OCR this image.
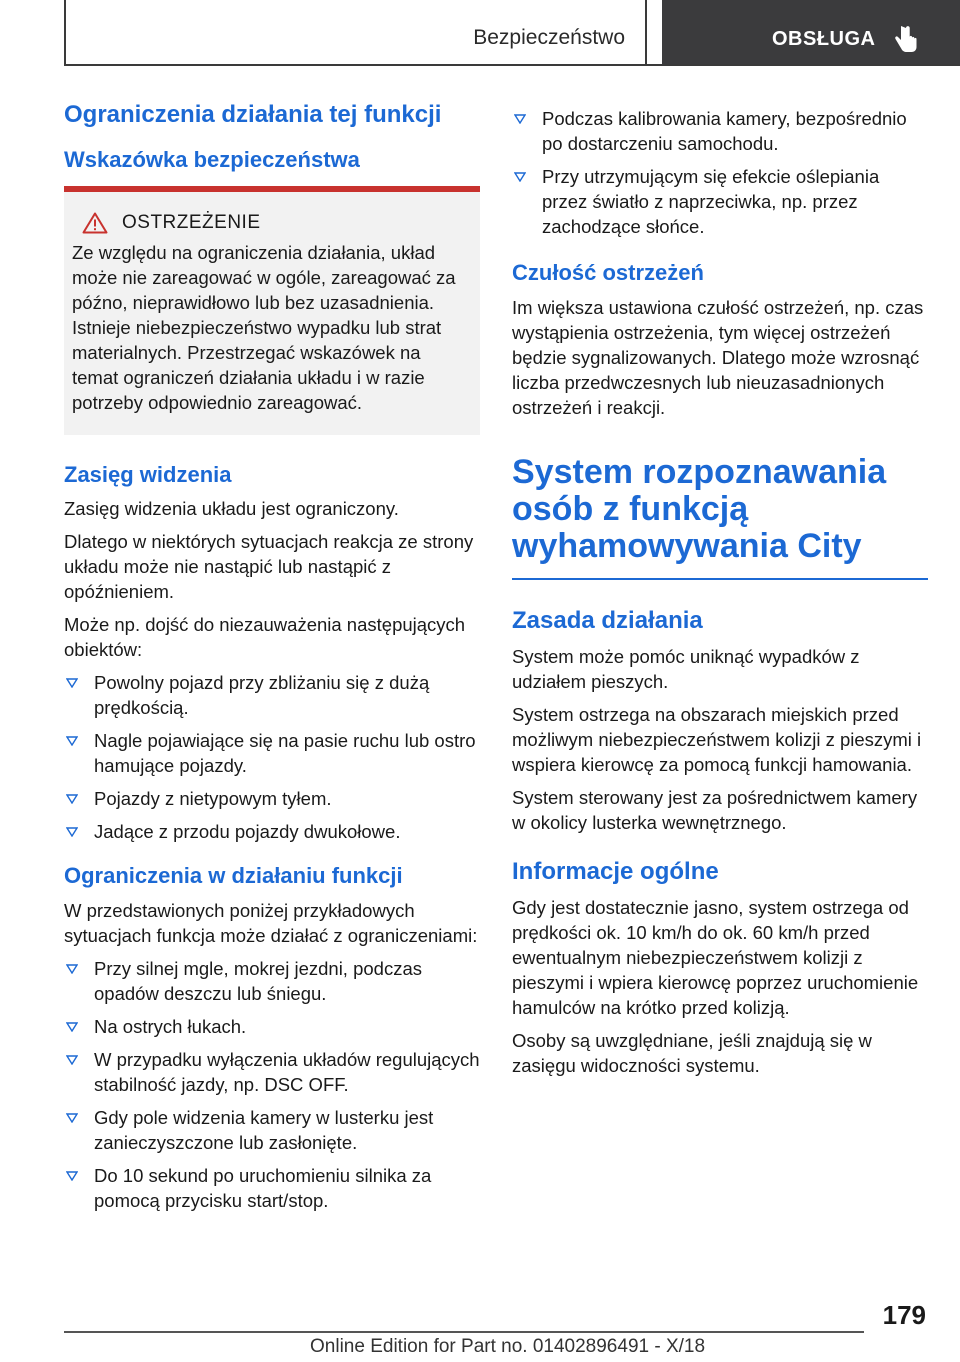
Bezpieczeństwo	OBSŁUGA
Ograniczenia działania tej funkcji
Wskazówka bezpieczeństwa
OSTRZEŻENIE

Ze względu na ograniczenia działania, układ może nie zareagować w ogóle, zareagować za późno, nieprawidłowo lub bez uzasadnienia. Istnieje niebezpieczeństwo wypadku lub strat materialnych. Przestrzegać wskazówek na temat ograniczeń działania układu i w razie potrzeby odpowiednio zareagować.

Zasięg widzenia

Zasięg widzenia układu jest ograniczony.

Dlatego w niektórych sytuacjach reakcja ze strony układu może nie nastąpić lub nastąpić z opóźnieniem.

Może np. dojść do niezauważenia następujących obiektów:

Powolny pojazd przy zbliżaniu się z dużą prędkością.
Nagle pojawiające się na pasie ruchu lub ostro hamujące pojazdy.
Pojazdy z nietypowym tyłem.
Jadące z przodu pojazdy dwukołowe.
Ograniczenia w działaniu funkcji

W przedstawionych poniżej przykładowych sytuacjach funkcja może działać z ograniczeniami:

Przy silnej mgle, mokrej jezdni, podczas opadów deszczu lub śniegu.
Na ostrych łukach.
W przypadku wyłączenia układów regulujących stabilność jazdy, np. DSC OFF.
Gdy pole widzenia kamery w lusterku jest zanieczyszczone lub zasłonięte.
Do 10 sekund po uruchomieniu silnika za pomocą przycisku start/stop.
Podczas kalibrowania kamery, bezpośrednio po dostarczeniu samochodu.
Przy utrzymującym się efekcie oślepiania przez światło z naprzeciwka, np. przez zachodzące słońce.
Czułość ostrzeżeń

Im większa ustawiona czułość ostrzeżeń, np. czas wystąpienia ostrzeżenia, tym więcej ostrzeżeń będzie sygnalizowanych. Dlatego może wzrosnąć liczba przedwczesnych lub nieuzasadnionych ostrzeżeń i reakcji.

System rozpoznawania osób z funkcją wyhamowywania City
Zasada działania

System może pomóc uniknąć wypadków z udziałem pieszych.

System ostrzega na obszarach miejskich przed możliwym niebezpieczeństwem kolizji z pieszymi i wspiera kierowcę za pomocą funkcji hamowania.

System sterowany jest za pośrednictwem kamery w okolicy lusterka wewnętrznego.

Informacje ogólne

Gdy jest dostatecznie jasno, system ostrzega od prędkości ok. 10 km/h do ok. 60 km/h przed ewentualnym niebezpieczeństwem kolizji z pieszymi i wpiera kierowcę poprzez uruchomienie hamulców na krótko przed kolizją.

Osoby są uwzględniane, jeśli znajdują się w zasięgu widoczności systemu.

179
Online Edition for Part no. 01402896491 - X/18
